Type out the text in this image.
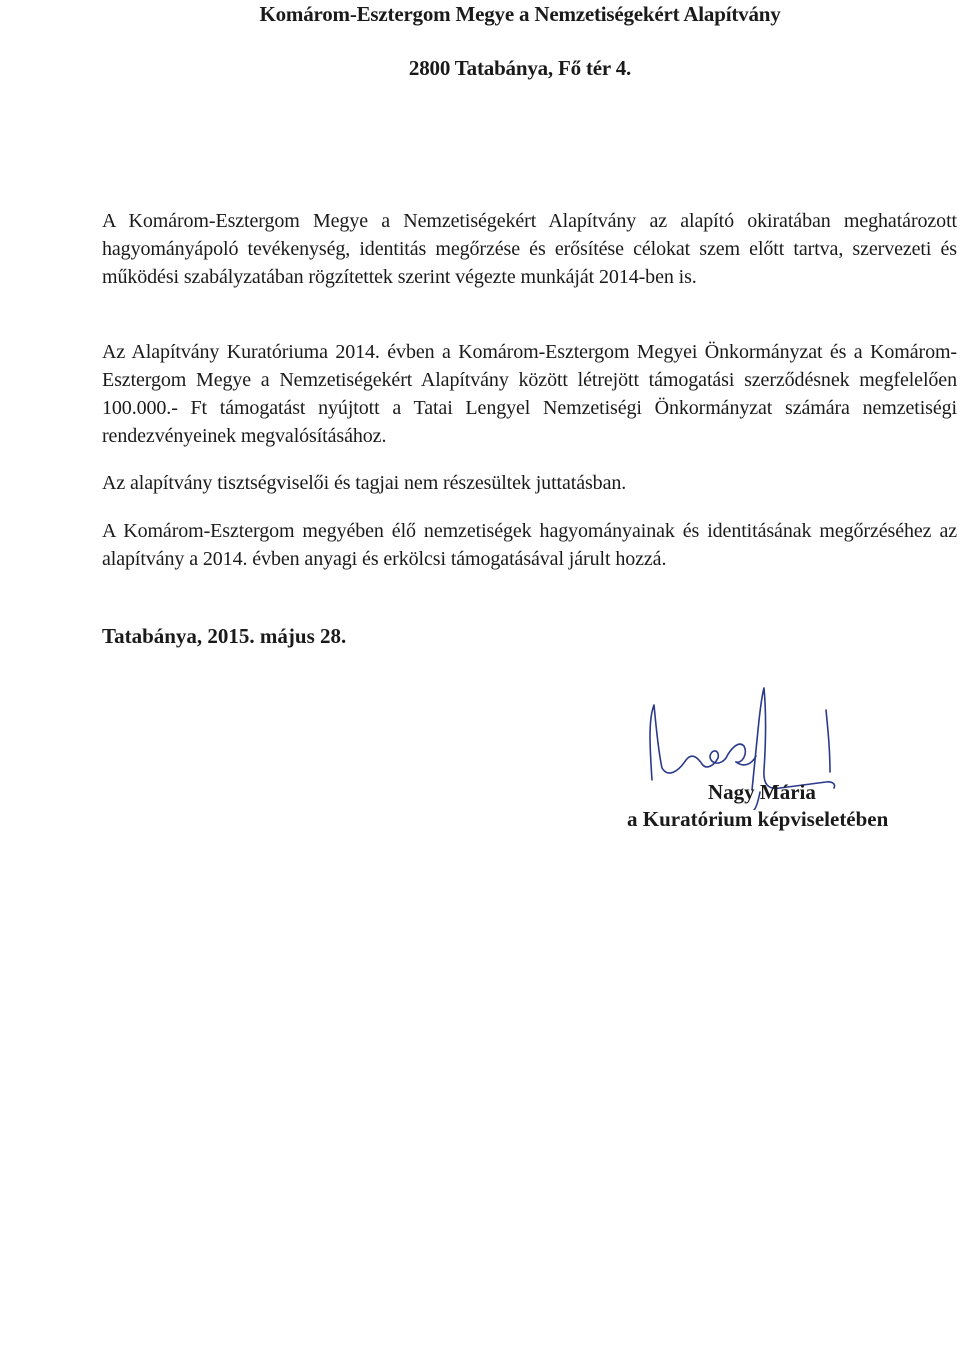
Komárom-Esztergom Megye a Nemzetiségekért Alapítvány
2800 Tatabánya, Fő tér 4.
A Komárom-Esztergom Megye a Nemzetiségekért Alapítvány az alapító okiratában meghatározott hagyományápoló tevékenység, identitás megőrzése és erősítése célokat szem előtt tartva, szervezeti és működési szabályzatában rögzítettek szerint végezte munkáját 2014-ben is.
Az Alapítvány Kuratóriuma 2014. évben a Komárom-Esztergom Megyei Önkormányzat és a Komárom-Esztergom Megye a Nemzetiségekért Alapítvány között létrejött támogatási szerződésnek megfelelően 100.000.- Ft támogatást nyújtott a Tatai Lengyel Nemzetiségi Önkormányzat számára nemzetiségi rendezvényeinek megvalósításához.
Az alapítvány tisztségviselői és tagjai nem részesültek juttatásban.
A Komárom-Esztergom megyében élő nemzetiségek hagyományainak és identitásának megőrzéséhez az alapítvány a 2014. évben anyagi és erkölcsi támogatásával járult hozzá.
Tatabánya, 2015. május 28.
Nagy Mária
a Kuratórium képviseletében
